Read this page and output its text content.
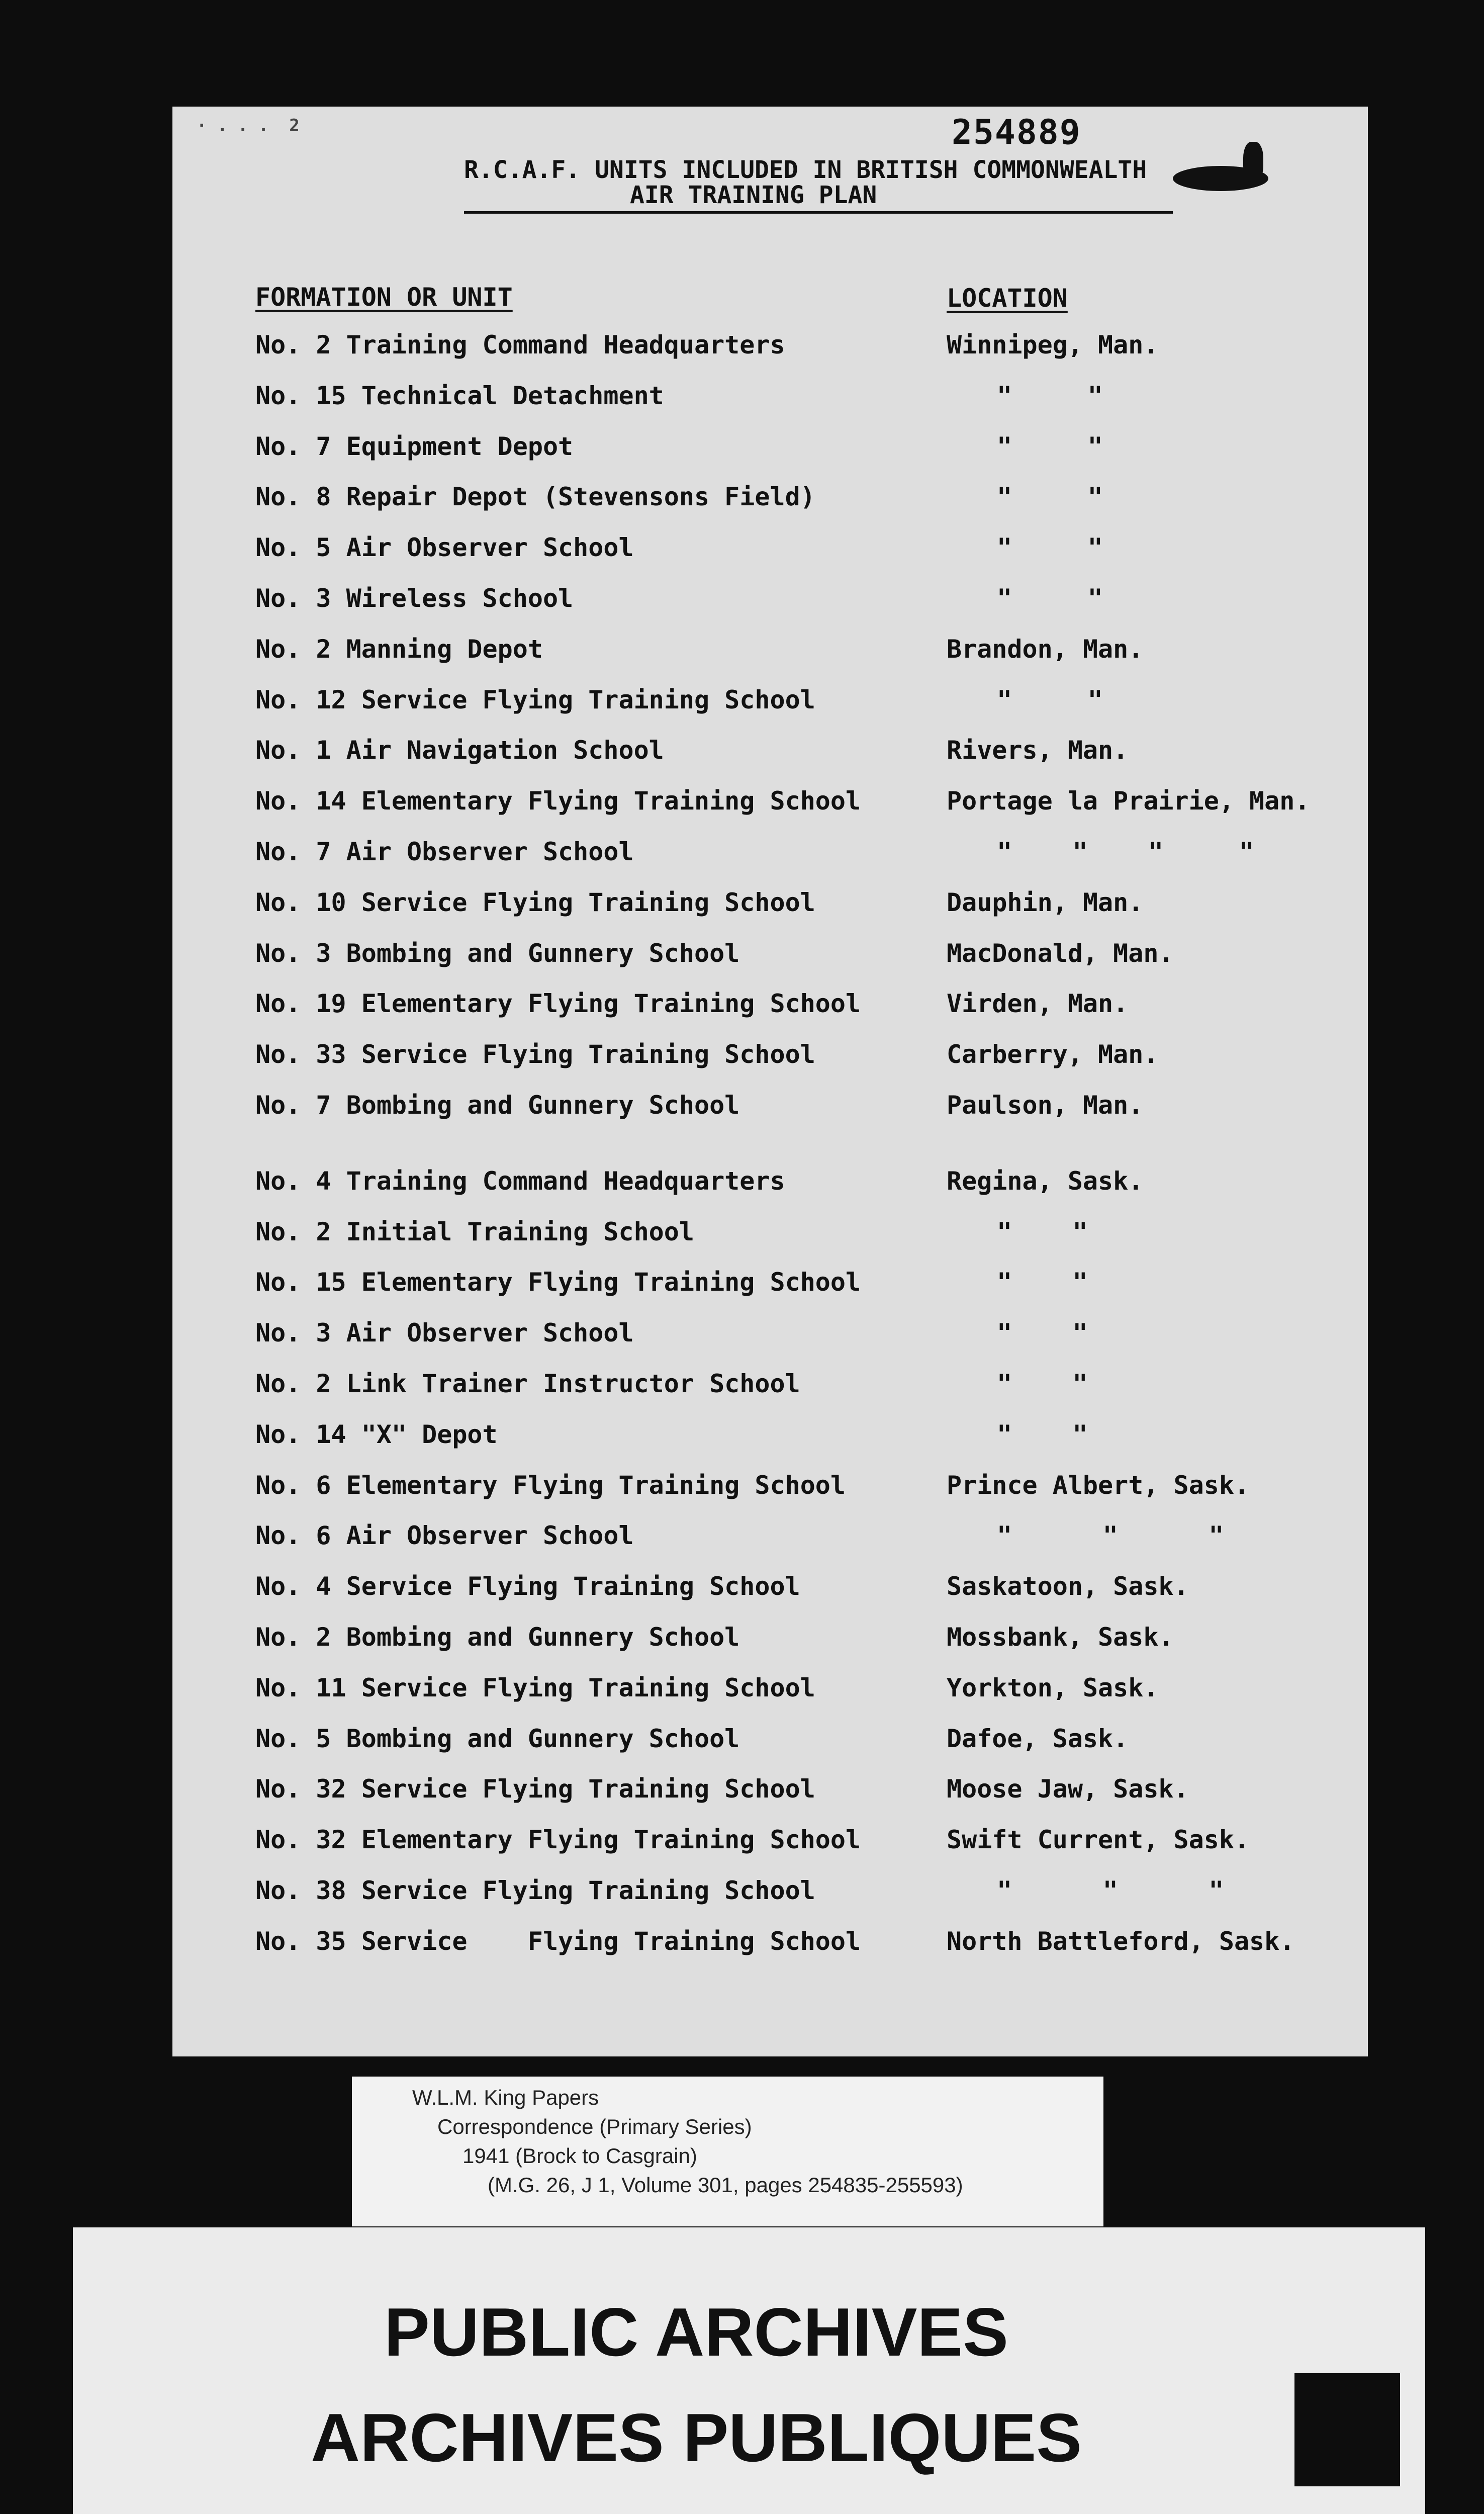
· . . .  2	254889
R.C.A.F. UNITS INCLUDED IN BRITISH COMMONWEALTH
AIR TRAINING PLAN
FORMATION OR UNIT	LOCATION
No. 2 Training Command Headquarters	Winnipeg, Man.
No. 15 Technical Detachment	"     "
No. 7 Equipment Depot	"     "
No. 8 Repair Depot (Stevensons Field)	"     "
No. 5 Air Observer School	"     "
No. 3 Wireless School	"     "
No. 2 Manning Depot	Brandon, Man.
No. 12 Service Flying Training School	"     "
No. 1 Air Navigation School	Rivers, Man.
No. 14 Elementary Flying Training School	Portage la Prairie, Man.
No. 7 Air Observer School	"    "    "     "
No. 10 Service Flying Training School	Dauphin, Man.
No. 3 Bombing and Gunnery School	MacDonald, Man.
No. 19 Elementary Flying Training School	Virden, Man.
No. 33 Service Flying Training School	Carberry, Man.
No. 7 Bombing and Gunnery School	Paulson, Man.
No. 4 Training Command Headquarters	Regina, Sask.
No. 2 Initial Training School	"    "
No. 15 Elementary Flying Training School	"    "
No. 3 Air Observer School	"    "
No. 2 Link Trainer Instructor School	"    "
No. 14 "X" Depot	"    "
No. 6 Elementary Flying Training School	Prince Albert, Sask.
No. 6 Air Observer School	"      "      "
No. 4 Service Flying Training School	Saskatoon, Sask.
No. 2 Bombing and Gunnery School	Mossbank, Sask.
No. 11 Service Flying Training School	Yorkton, Sask.
No. 5 Bombing and Gunnery School	Dafoe, Sask.
No. 32 Service Flying Training School	Moose Jaw, Sask.
No. 32 Elementary Flying Training School	Swift Current, Sask.
No. 38 Service Flying Training School	"      "      "
No. 35 Service    Flying Training School	North Battleford, Sask.
W.L.M. King Papers
Correspondence (Primary Series)
1941 (Brock to Casgrain)
(M.G. 26, J 1, Volume 301, pages 254835-255593)
PUBLIC ARCHIVES
ARCHIVES PUBLIQUES
